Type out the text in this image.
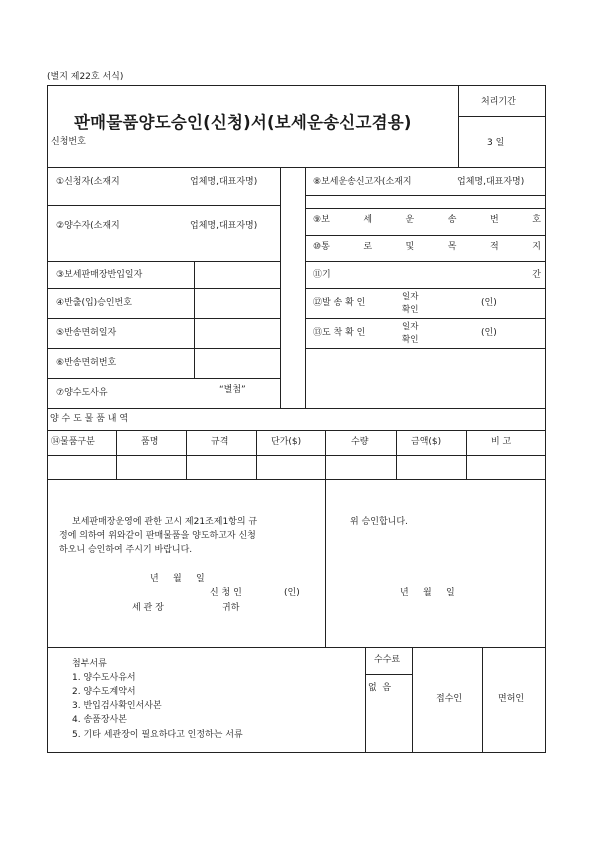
(별지 제22호 서식)
판매물품양도승인(신청)서(보세운송신고겸용)
신청번호
처리기간
3 일
①신청자(소재지	업체명,대표자명)
②양수자(소재지	업체명,대표자명)
③보세판매장반입일자
④반출(입)승인번호
⑤반송면허일자
⑥반송면허번호
⑦양수도사유	“별첨”
⑧보세운송신고자(소재지	업체명,대표자명)
⑨보	세	운	송	번	호
⑩통	로	및	목	적	지
⑪기	간
⑫발 송 확 인
일자
확인
(인)
⑬도 착 확 인
일자
확인
(인)
양 수 도 물 품 내 역
⑭물품구분	품명	규격	단가($)	수량	금액($)	비 고
보세판매장운영에 관한 고시 제21조제1항의 규
정에 의하여 위와같이 판매물품을 양도하고자 신청
하오니 승인하여 주시기 바랍니다.
년     월     일
신 청 인	(인)
세 관 장	귀하
위 승인합니다.
년     월     일
첨부서류
1. 양수도사유서
2. 양수도계약서
3. 반입검사확인서사본
4. 송품장사본
5. 기타 세관장이 필요하다고 인정하는 서류
수수료
없  음
접수인	면허인
